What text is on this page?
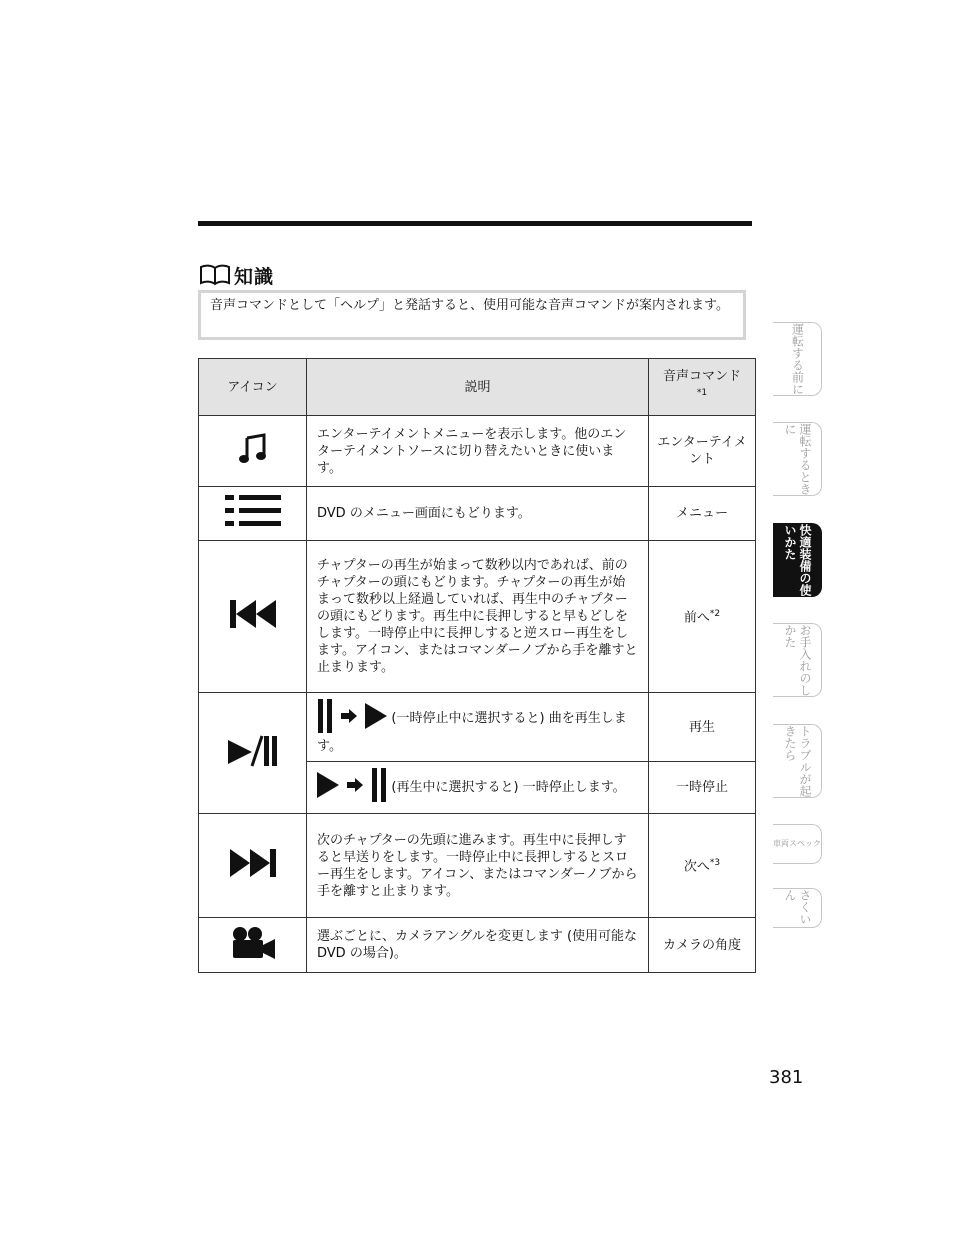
知識
音声コマンドとして「ヘルプ」と発話すると、使用可能な音声コマンドが案内されます。
アイコン	説明	音声コマンド
$^{*1}$
	エンターテイメントメニューを表示します。他のエンターテイメントソースに切り替えたいときに使います。	エンターテイメント
	DVD のメニュー画面にもどります。	メニュー
	チャプターの再生が始まって数秒以内であれば、前のチャプターの頭にもどります。チャプターの再生が始まって数秒以上経過していれば、再生中のチャプターの頭にもどります。再生中に長押しすると早もどしをします。一時停止中に長押しすると逆スロー再生をします。アイコン、またはコマンダーノブから手を離すと止まります。	前へ$^{*2}$
	(一時停止中に選択すると) 曲を再生します。	再生
	(再生中に選択すると) 一時停止します。	一時停止
	次のチャプターの先頭に進みます。再生中に長押しすると早送りをします。一時停止中に長押しするとスロー再生をします。アイコン、またはコマンダーノブから手を離すと止まります。	次へ$^{*3}$
	選ぶごとに、カメラアングルを変更します (使用可能な DVD の場合)。	カメラの角度
運転する前に
運転するときに
快適装備の使いかた
お手入れのしかた
トラブルが起きたら
車両スペック
さくいん
381
